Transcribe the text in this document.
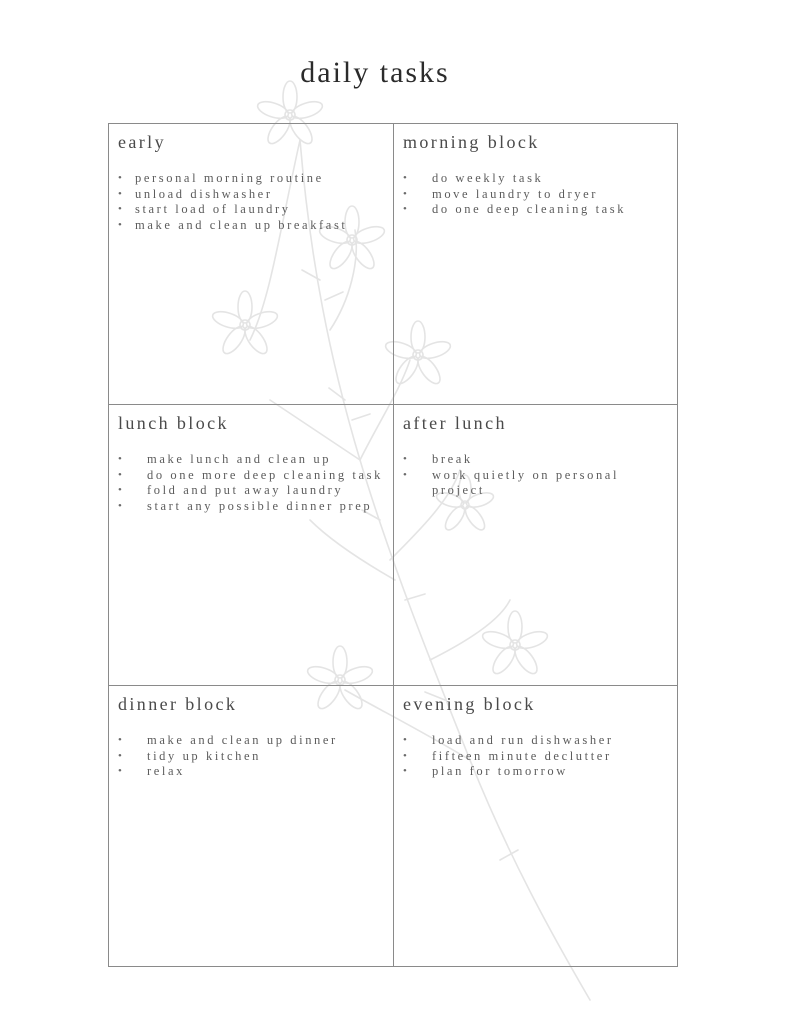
daily tasks
early
• personal morning routine
• unload dishwasher
• start load of laundry
• make and clean up breakfast
morning block
• do weekly task
• move laundry to dryer
• do one deep cleaning task
lunch block
• make lunch and clean up
• do one more deep cleaning task
• fold and put away laundry
• start any possible dinner prep
after lunch
• break
• work quietly on personal project
dinner block
• make and clean up dinner
• tidy up kitchen
• relax
evening block
• load and run dishwasher
• fifteen minute declutter
• plan for tomorrow
